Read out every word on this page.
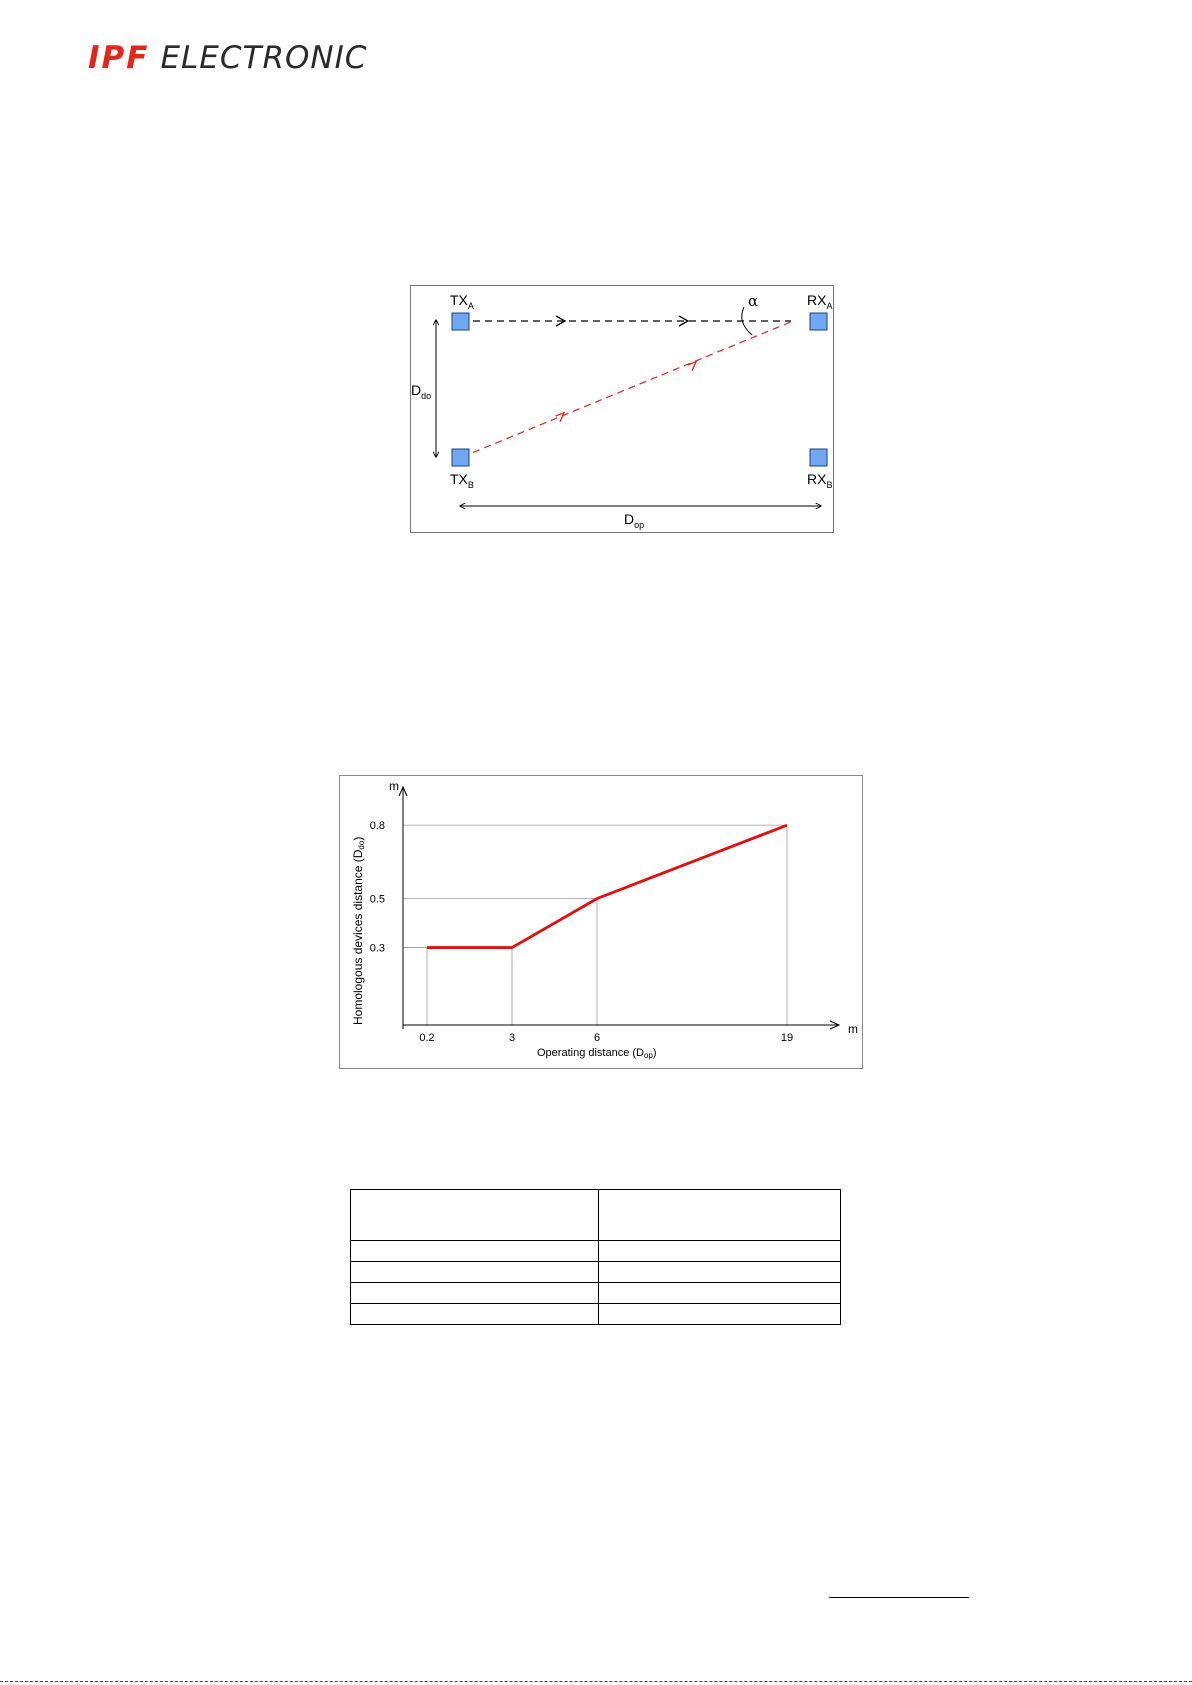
IPF ELECTRONIC
α
$TX_A$	$RX_A$
$TX_B$	$RX_B$
$D_{do}$
$D_{op}$
0.2	3	6	19
0.3
0.5
0.8
m
m
Operating distance (Dop)
Homologous devices distance (Ddo)
